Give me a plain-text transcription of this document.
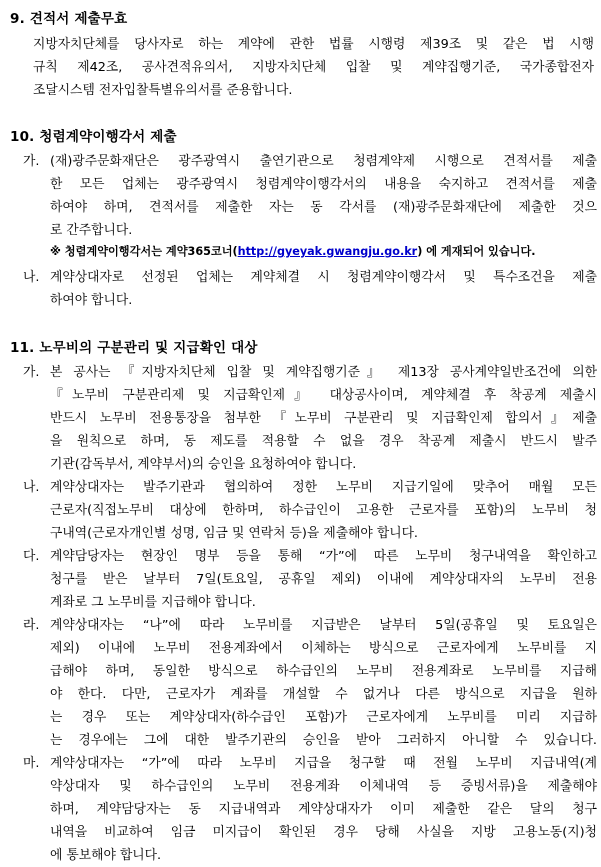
9. 견적서 제출무효
지방자치단체를 당사자로 하는 계약에 관한 법률 시행령 제39조 및 같은 법 시행
규칙 제42조, 공사견적유의서, 지방자치단체 입찰 및 계약집행기준, 국가종합전자
조달시스템 전자입찰특별유의서를 준용합니다.
10. 청렴계약이행각서 제출
가. (재)광주문화재단은 광주광역시 출연기관으로 청렴계약제 시행으로 견적서를 제출
한 모든 업체는 광주광역시 청렴계약이행각서의 내용을 숙지하고 견적서를 제출
하여야 하며, 견적서를 제출한 자는 동 각서를 (재)광주문화재단에 제출한 것으
로 간주합니다.
※ 청렴계약이행각서는 계약365코너(http://gyeyak.gwangju.go.kr) 에 게재되어 있습니다.
나. 계약상대자로 선정된 업체는 계약체결 시 청렴계약이행각서 및 특수조건을 제출
하여야 합니다.
11. 노무비의 구분관리 및 지급확인 대상
가. 본 공사는 『지방자치단체 입찰 및 계약집행기준』 제13장 공사계약일반조건에 의한
『노무비 구분관리제 및 지급확인제』 대상공사이며, 계약체결 후 착공계 제출시
반드시 노무비 전용통장을 첨부한 『노무비 구분관리 및 지급확인제 합의서』제출
을 원칙으로 하며, 동 제도를 적용할 수 없을 경우 착공계 제출시 반드시 발주
기관(감독부서, 계약부서)의 승인을 요청하여야 합니다.
나. 계약상대자는 발주기관과 협의하여 정한 노무비 지급기일에 맞추어 매월 모든
근로자(직접노무비 대상에 한하며, 하수급인이 고용한 근로자를 포함)의 노무비 청
구내역(근로자개인별 성명, 임금 및 연락처 등)을 제출해야 합니다.
다. 계약담당자는 현장인 명부 등을 통해 “가”에 따른 노무비 청구내역을 확인하고
청구를 받은 날부터 7일(토요일, 공휴일 제외) 이내에 계약상대자의 노무비 전용
계좌로 그 노무비를 지급해야 합니다.
라. 계약상대자는 “나”에 따라 노무비를 지급받은 날부터 5일(공휴일 및 토요일은
제외) 이내에 노무비 전용계좌에서 이체하는 방식으로 근로자에게 노무비를 지
급해야 하며, 동일한 방식으로 하수급인의 노무비 전용계좌로 노무비를 지급해
야 한다. 다만, 근로자가 계좌를 개설할 수 없거나 다른 방식으로 지급을 원하
는 경우 또는 계약상대자(하수급인 포함)가 근로자에게 노무비를 미리 지급하
는 경우에는 그에 대한 발주기관의 승인을 받아 그러하지 아니할 수 있습니다.
마. 계약상대자는 “가”에 따라 노무비 지급을 청구할 때 전월 노무비 지급내역(계
약상대자 및 하수급인의 노무비 전용계좌 이체내역 등 증빙서류)을 제출해야
하며, 계약담당자는 동 지급내역과 계약상대자가 이미 제출한 같은 달의 청구
내역을 비교하여 임금 미지급이 확인된 경우 당해 사실을 지방 고용노동(지)청
에 통보해야 합니다.
